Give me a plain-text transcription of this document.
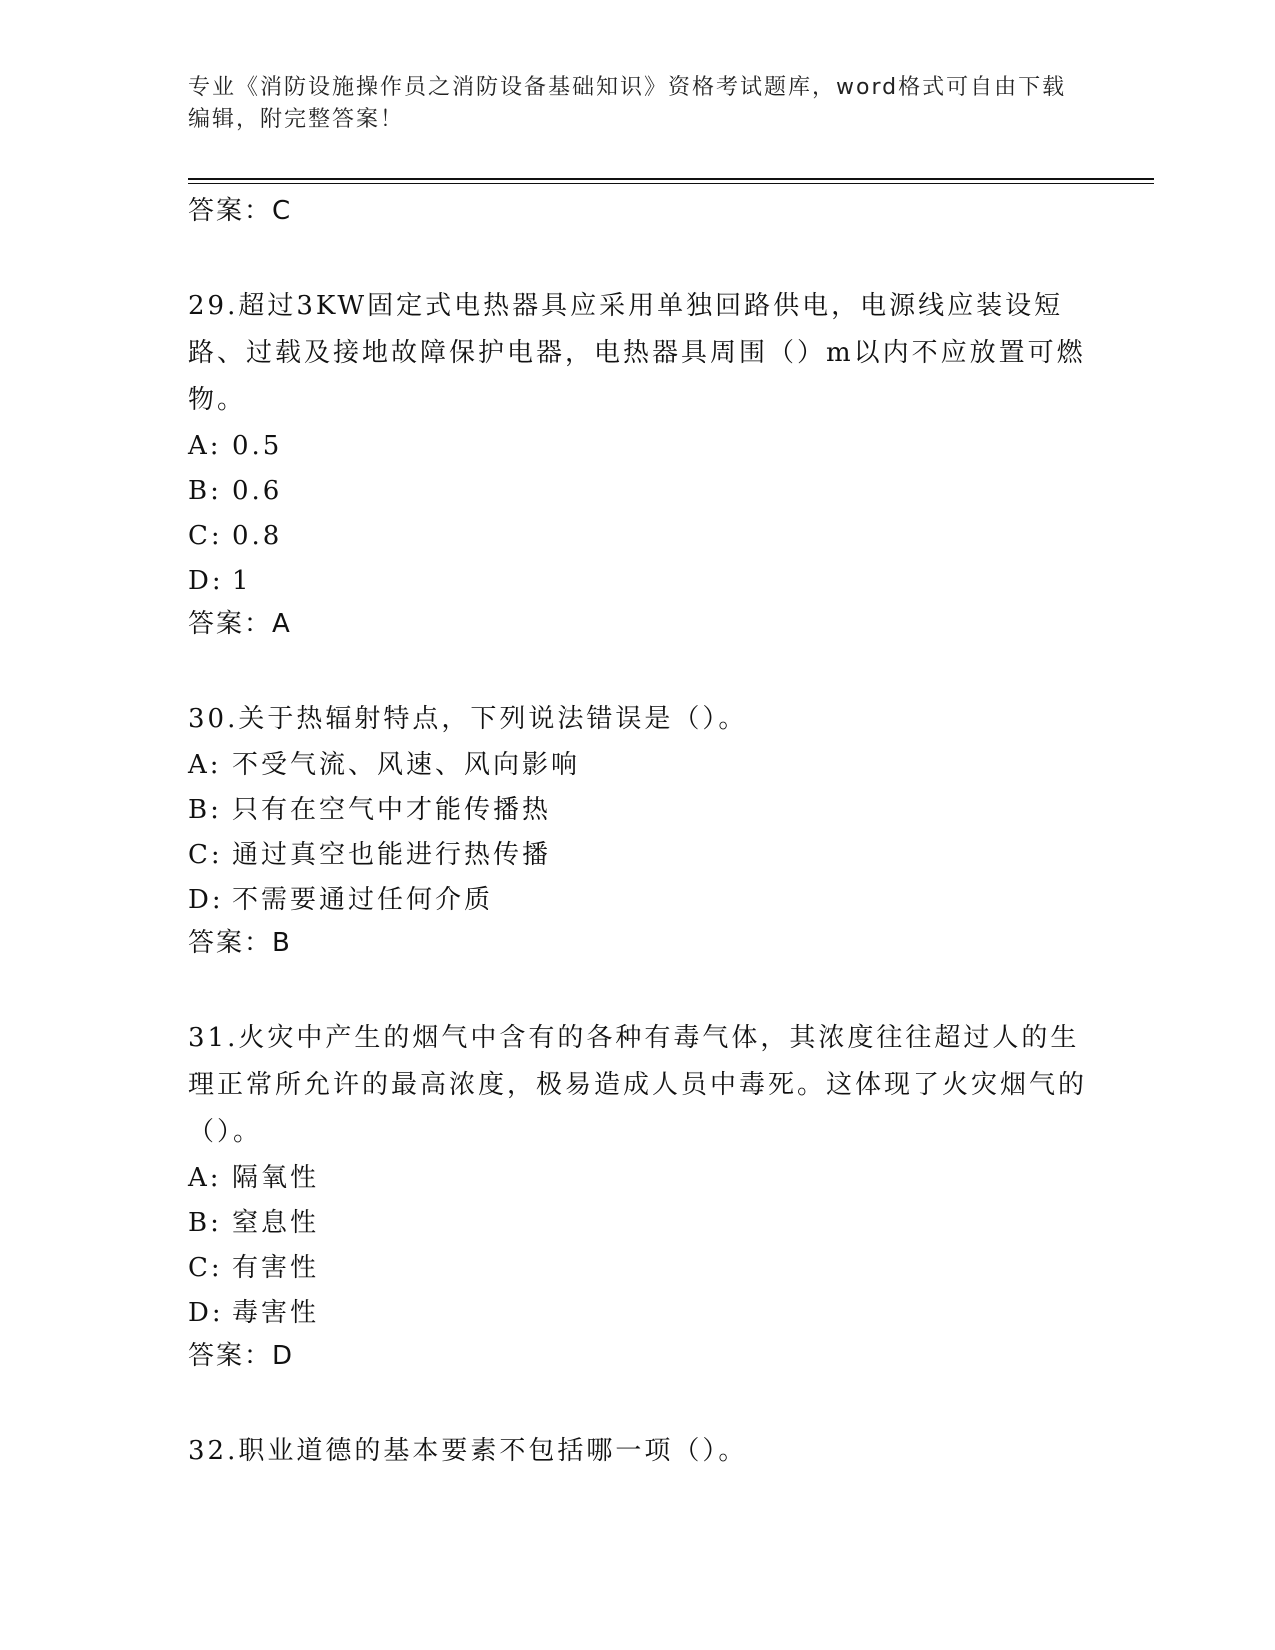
专业《消防设施操作员之消防设备基础知识》资格考试题库，word格式可自由下载编辑，附完整答案！
答案：C

29.超过3KW固定式电热器具应采用单独回路供电，电源线应装设短路、过载及接地故障保护电器，电热器具周围（）m以内不应放置可燃物。

A: 0.5
B: 0.6
C: 0.8
D: 1
答案：A

30.关于热辐射特点，下列说法错误是（）。

A: 不受气流、风速、风向影响
B: 只有在空气中才能传播热
C: 通过真空也能进行热传播
D: 不需要通过任何介质
答案：B

31.火灾中产生的烟气中含有的各种有毒气体，其浓度往往超过人的生理正常所允许的最高浓度，极易造成人员中毒死。这体现了火灾烟气的（）。

A: 隔氧性
B: 窒息性
C: 有害性
D: 毒害性
答案：D

32.职业道德的基本要素不包括哪一项（）。
